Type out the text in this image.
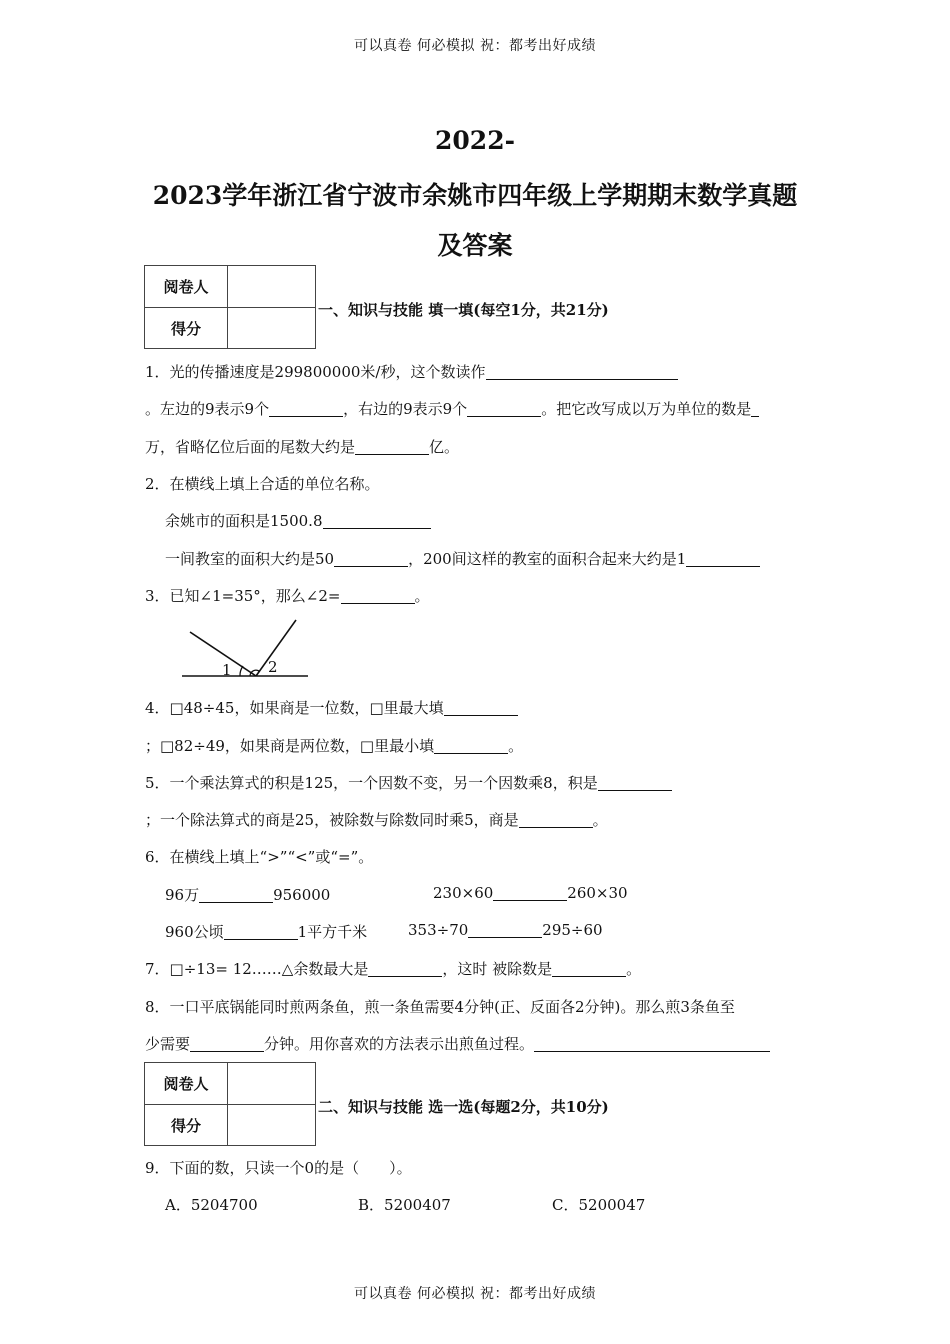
可以真卷 何必模拟 祝：都考出好成绩
2022-
2023学年浙江省宁波市余姚市四年级上学期期末数学真题
及答案
阅卷人
得分
一、知识与技能 填一填(每空1分，共21分)
1．光的传播速度是299800000米/秒，这个数读作
。左边的9表示9个	，右边的9表示9个	。把它改写成以万为单位的数是
万，省略亿位后面的尾数大约是	亿。
2．在横线上填上合适的单位名称。
余姚市的面积是1500.8
一间教室的面积大约是50	，200间这样的教室的面积合起来大约是1
3．已知∠1=35°，那么∠2=	。
1 2
4．□48÷45，如果商是一位数，□里最大填
；□82÷49，如果商是两位数，□里最小填	。
5．一个乘法算式的积是125，一个因数不变，另一个因数乘8，积是
；一个除法算式的商是25，被除数与除数同时乘5，商是	。
6．在横线上填上“>”“<”或“=”。
96万	956000	230×60	260×30
960公顷	1平方千米	353÷70	295÷60
7．□÷13= 12……△余数最大是	，这时 被除数是	。
8．一口平底锅能同时煎两条鱼，煎一条鱼需要4分钟(正、反面各2分钟)。那么煎3条鱼至
少需要	分钟。用你喜欢的方法表示出煎鱼过程。
阅卷人
得分
二、知识与技能 选一选(每题2分，共10分)
9．下面的数，只读一个0的是（　　）。
A．5204700	B．5200407	C．5200047
可以真卷 何必模拟 祝：都考出好成绩
